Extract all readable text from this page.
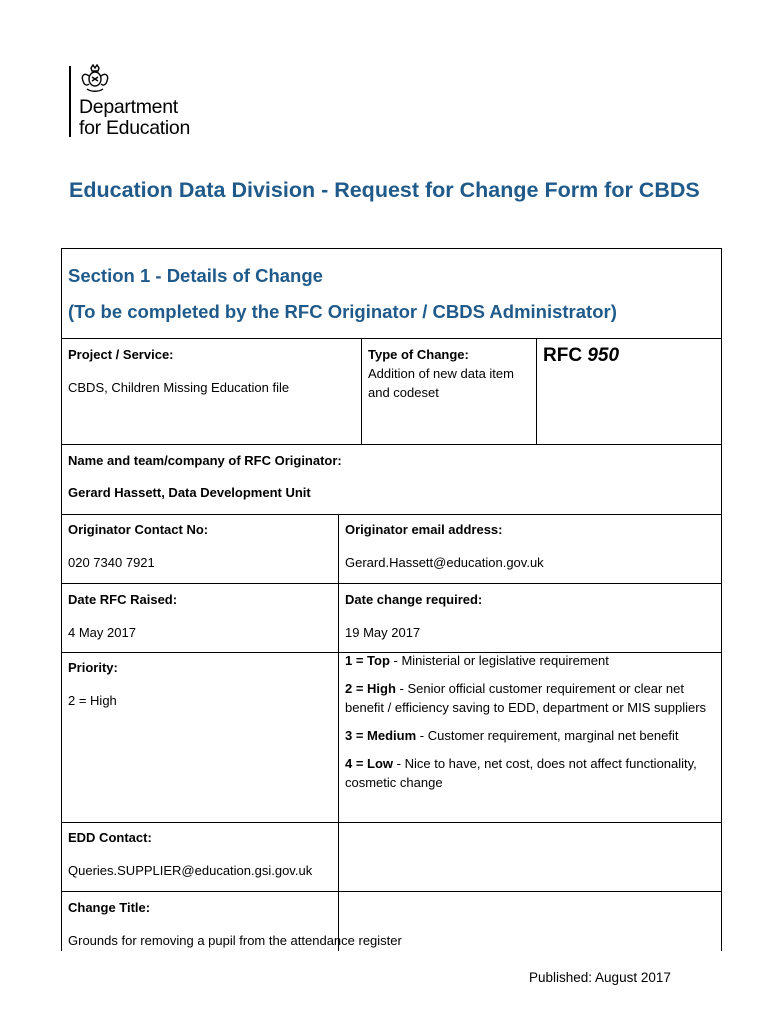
Department
for Education
Education Data Division - Request for Change Form for CBDS
Section 1 - Details of Change
(To be completed by the RFC Originator / CBDS Administrator)
Project / Service:
CBDS, Children Missing Education file
Type of Change:
Addition of new data item and codeset
RFC 950
Name and team/company of RFC Originator:
Gerard Hassett, Data Development Unit
Originator Contact No:
020 7340 7921
Originator email address:
Gerard.Hassett@education.gov.uk
Date RFC Raised:
4 May 2017
Date change required:
19 May 2017
Priority:
2 = High

1 = Top - Ministerial or legislative requirement

2 = High - Senior official customer requirement or clear net benefit / efficiency saving to EDD, department or MIS suppliers

3 = Medium - Customer requirement, marginal net benefit

4 = Low - Nice to have, net cost, does not affect functionality, cosmetic change

EDD Contact:
Queries.SUPPLIER@education.gsi.gov.uk
Change Title:
Grounds for removing a pupil from the attendance register
Published: August 2017
